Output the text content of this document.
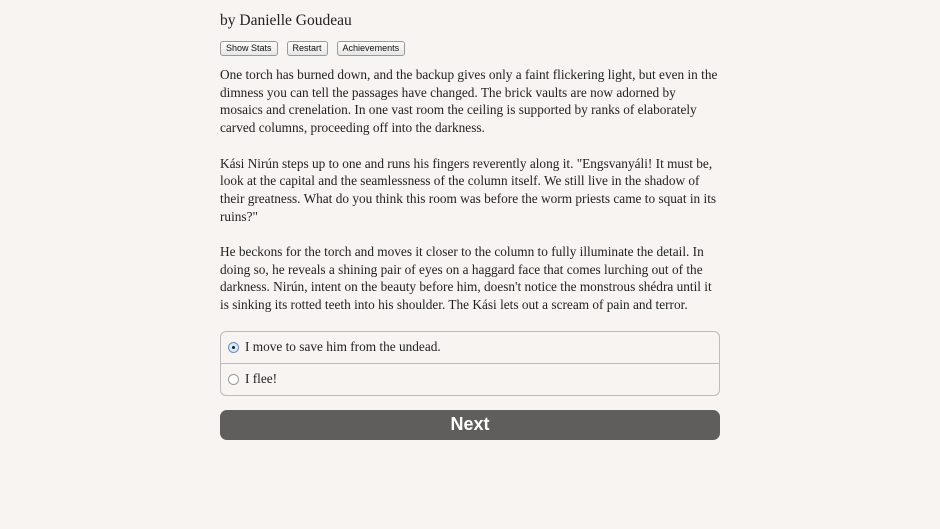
by Danielle Goudeau

Show Stats	Restart	Achievements

One torch has burned down, and the backup gives only a faint flickering light, but even in the dimness you can tell the passages have changed. The brick vaults are now adorned by mosaics and crenelation. In one vast room the ceiling is supported by ranks of elaborately carved columns, proceeding off into the darkness.

Kási Nirún steps up to one and runs his fingers reverently along it. "Engsvanyáli! It must be, look at the capital and the seamlessness of the column itself. We still live in the shadow of their greatness. What do you think this room was before the worm priests came to squat in its ruins?"

He beckons for the torch and moves it closer to the column to fully illuminate the detail. In doing so, he reveals a shining pair of eyes on a haggard face that comes lurching out of the darkness. Nirún, intent on the beauty before him, doesn't notice the monstrous shédra until it is sinking its rotted teeth into his shoulder. The Kási lets out a scream of pain and terror.

I move to save him from the undead.
I flee!
Next
